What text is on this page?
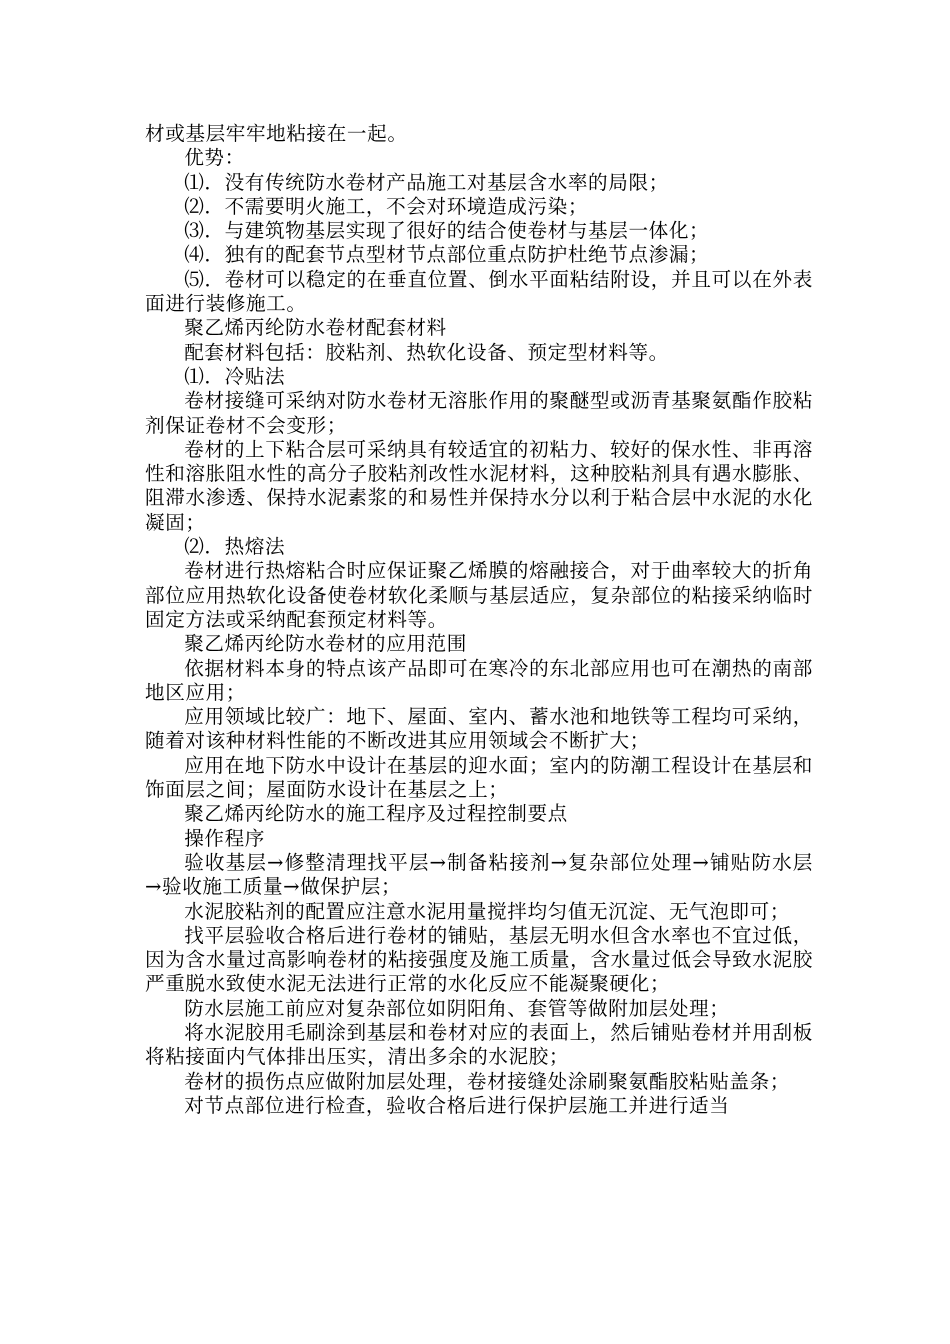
材或基层牢牢地粘接在一起。

优势：

⑴．没有传统防水卷材产品施工对基层含水率的局限；

⑵．不需要明火施工，不会对环境造成污染；

⑶．与建筑物基层实现了很好的结合使卷材与基层一体化；

⑷．独有的配套节点型材节点部位重点防护杜绝节点渗漏；

⑸．卷材可以稳定的在垂直位置、倒水平面粘结附设，并且可以在外表面进行装修施工。

聚乙烯丙纶防水卷材配套材料

配套材料包括：胶粘剂、热软化设备、预定型材料等。

⑴．冷贴法

卷材接缝可采纳对防水卷材无溶胀作用的聚醚型或沥青基聚氨酯作胶粘剂保证卷材不会变形；

卷材的上下粘合层可采纳具有较适宜的初粘力、较好的保水性、非再溶性和溶胀阻水性的高分子胶粘剂改性水泥材料，这种胶粘剂具有遇水膨胀、阻滞水渗透、保持水泥素浆的和易性并保持水分以利于粘合层中水泥的水化凝固；

⑵．热熔法

卷材进行热熔粘合时应保证聚乙烯膜的熔融接合，对于曲率较大的折角部位应用热软化设备使卷材软化柔顺与基层适应，复杂部位的粘接采纳临时固定方法或采纳配套预定材料等。

聚乙烯丙纶防水卷材的应用范围

依据材料本身的特点该产品即可在寒冷的东北部应用也可在潮热的南部地区应用；

应用领域比较广：地下、屋面、室内、蓄水池和地铁等工程均可采纳，随着对该种材料性能的不断改进其应用领域会不断扩大；

应用在地下防水中设计在基层的迎水面；室内的防潮工程设计在基层和饰面层之间；屋面防水设计在基层之上；

聚乙烯丙纶防水的施工程序及过程控制要点

操作程序

验收基层→修整清理找平层→制备粘接剂→复杂部位处理→铺贴防水层→验收施工质量→做保护层；

水泥胶粘剂的配置应注意水泥用量搅拌均匀值无沉淀、无气泡即可；

找平层验收合格后进行卷材的铺贴，基层无明水但含水率也不宜过低，因为含水量过高影响卷材的粘接强度及施工质量，含水量过低会导致水泥胶严重脱水致使水泥无法进行正常的水化反应不能凝聚硬化；

防水层施工前应对复杂部位如阴阳角、套管等做附加层处理；

将水泥胶用毛刷涂到基层和卷材对应的表面上，然后铺贴卷材并用刮板将粘接面内气体排出压实，清出多余的水泥胶；

卷材的损伤点应做附加层处理，卷材接缝处涂刷聚氨酯胶粘贴盖条；

对节点部位进行检查，验收合格后进行保护层施工并进行适当
